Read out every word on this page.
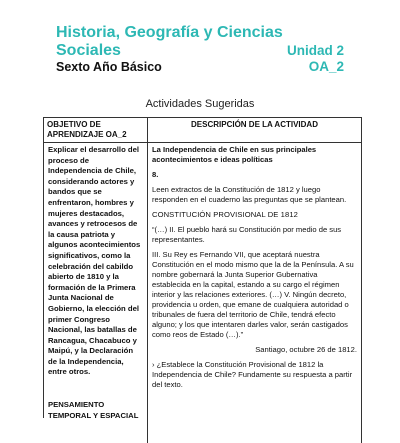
Historia, Geografía y Ciencias Sociales
Sexto Año Básico
Unidad 2
OA_2
Actividades Sugeridas
OBJETIVO DE APRENDIZAJE OA_2
DESCRIPCIÓN DE LA ACTIVIDAD

Explicar el desarrollo del proceso de Independencia de Chile, considerando actores y bandos que se enfrentaron, hombres y mujeres destacados, avances y retrocesos de la causa patriota y algunos acontecimientos significativos, como la celebración del cabildo abierto de 1810 y la formación de la Primera Junta Nacional de Gobierno, la elección del primer Congreso Nacional, las batallas de Rancagua, Chacabuco y Maipú, y la Declaración de la Independencia, entre otros.

PENSAMIENTO TEMPORAL Y ESPACIAL

La Independencia de Chile en sus principales acontecimientos e ideas políticas

8.

Leen extractos de la Constitución de 1812 y luego responden en el cuaderno las preguntas que se plantean.

CONSTITUCIÓN PROVISIONAL DE 1812

“(…) II. El pueblo hará su Constitución por medio de sus representantes.

III. Su Rey es Fernando VII, que aceptará nuestra Constitución en el modo mismo que la de la Península. A su nombre gobernará la Junta Superior Gubernativa establecida en la capital, estando a su cargo el régimen interior y las relaciones exteriores. (…) V. Ningún decreto, providencia u orden, que emane de cualquiera autoridad o tribunales de fuera del territorio de Chile, tendrá efecto alguno; y los que intentaren darles valor, serán castigados como reos de Estado (…).”

Santiago, octubre 26 de 1812.

› ¿Establece la Constitución Provisional de 1812 la Independencia de Chile? Fundamente su respuesta a partir del texto.
